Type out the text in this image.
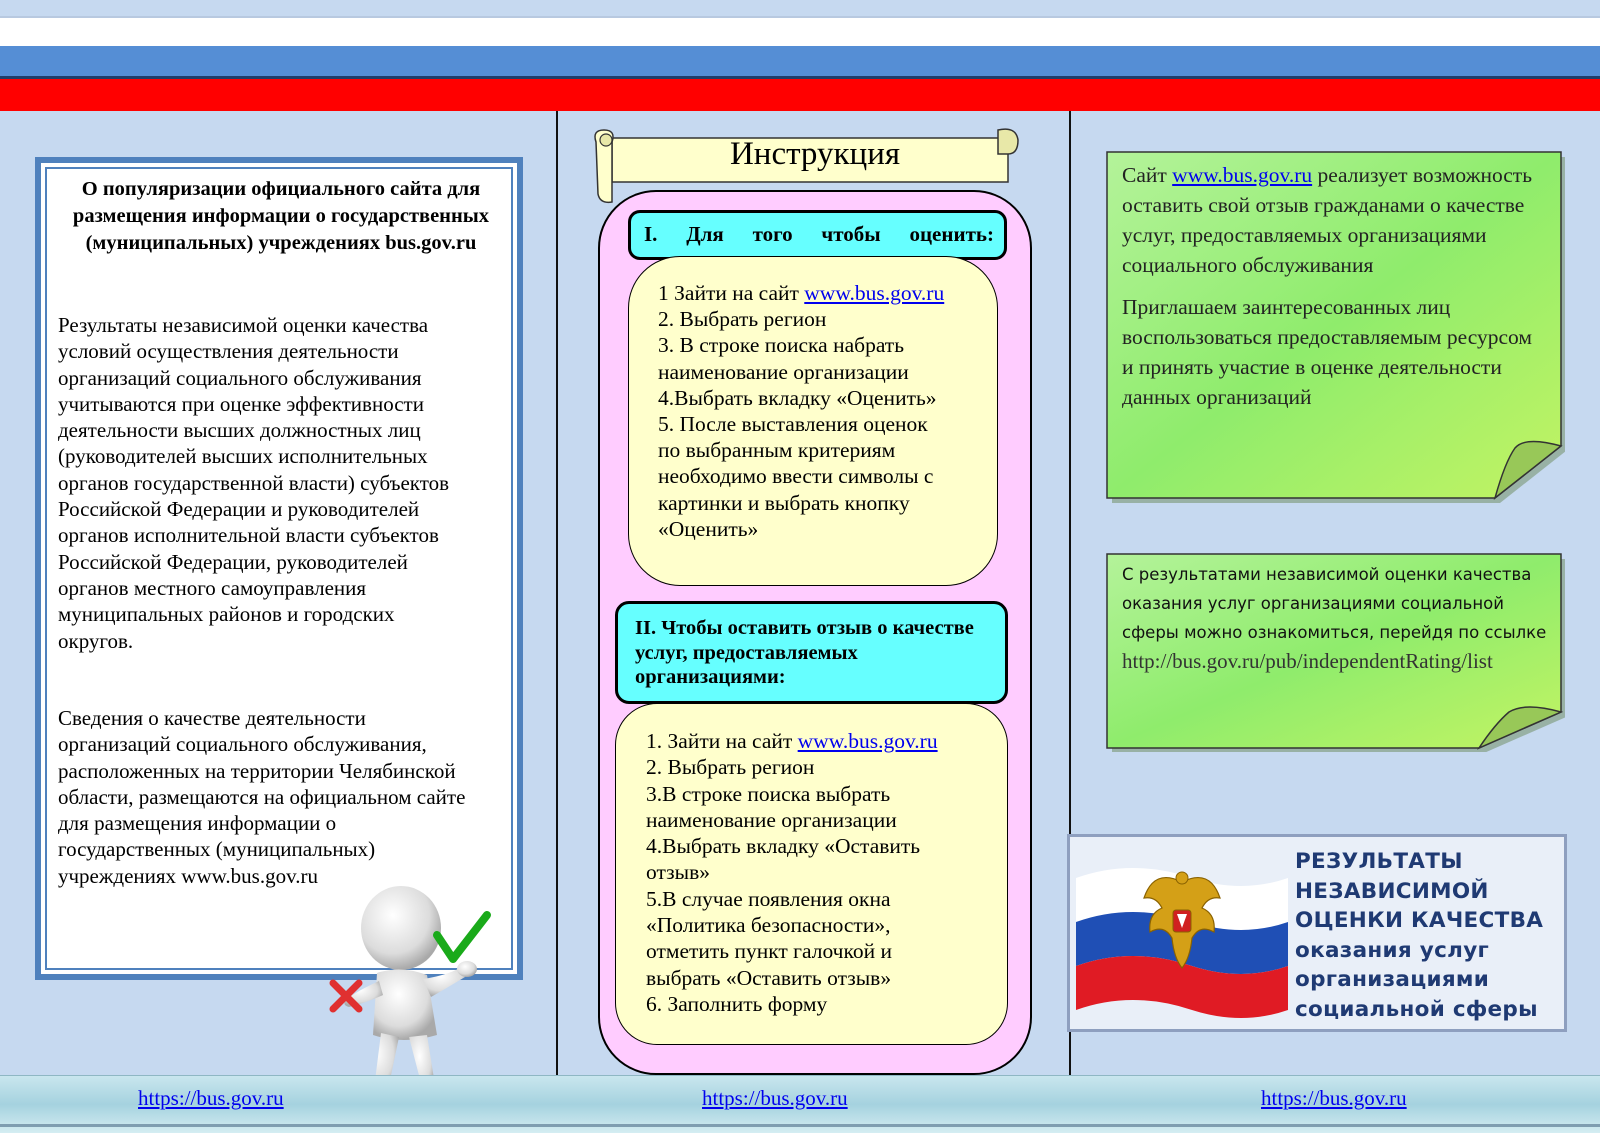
О популяризации официального сайта для размещения информации о государственных (муниципальных) учреждениях bus.gov.ru
Результаты независимой оценки качества
условий осуществления деятельности
организаций социального обслуживания
учитываются при оценке эффективности
деятельности высших должностных лиц
(руководителей высших исполнительных
органов государственной власти) субъектов
Российской Федерации и руководителей
органов исполнительной власти субъектов
Российской Федерации, руководителей
органов местного самоуправления
муниципальных районов и городских
округов.
Сведения о качестве деятельности
организаций социального обслуживания,
расположенных на территории Челябинской
области, размещаются на официальном сайте
для размещения информации о
государственных (муниципальных)
учреждениях www.bus.gov.ru
Инструкция
I. Для того чтобы оценить:
1 Зайти на сайт www.bus.gov.ru
2. Выбрать регион
3. В строке поиска набрать
наименование организации
4.Выбрать вкладку «Оценить»
5. После выставления оценок
по выбранным критериям
необходимо ввести символы с
картинки и выбрать кнопку
«Оценить»
II. Чтобы оставить отзыв о качестве
услуг, предоставляемых
организациями:
1. Зайти на сайт www.bus.gov.ru
2. Выбрать регион
3.В строке поиска выбрать
наименование организации
4.Выбрать вкладку «Оставить
отзыв»
5.В случае появления окна
«Политика безопасности»,
отметить пункт галочкой и
выбрать «Оставить отзыв»
6. Заполнить форму

Сайт www.bus.gov.ru реализует возможность оставить свой отзыв гражданами о качестве услуг, предоставляемых организациями социального обслуживания

Приглашаем заинтересованных лиц воспользоваться предоставляемым ресурсом и принять участие в оценке деятельности данных организаций

С результатами независимой оценки качества оказания услуг организациями социальной сферы можно ознакомиться, перейдя по ссылке
http://bus.gov.ru/pub/independentRating/list
РЕЗУЛЬТАТЫ
НЕЗАВИСИМОЙ
ОЦЕНКИ КАЧЕСТВА
оказания услуг
организациями
социальной сферы
https://bus.gov.ru	https://bus.gov.ru	https://bus.gov.ru
